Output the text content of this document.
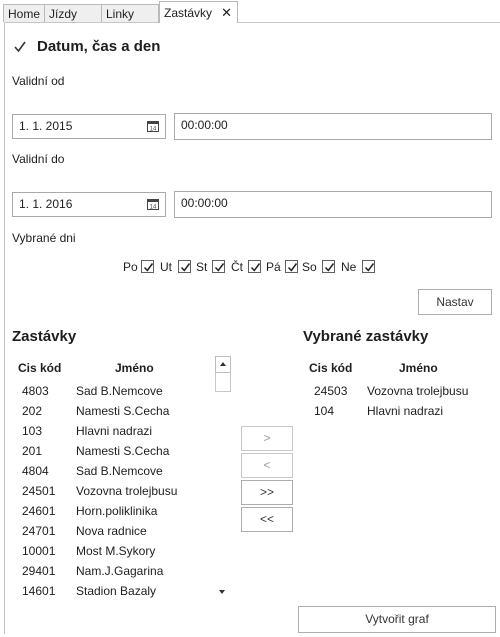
Home Jízdy	Linky	Zastávky ✕
Datum, čas a den
Validní od
1. 1. 2015	14	00:00:00
Validní do
1. 1. 2016	14	00:00:00
Vybrané dni
Po Ut St Čt Pá So Ne
Nastav
Zastávky
Cis kód	Jméno
4803 Sad B.Nemcove
202	Namesti S.Cecha
103	Hlavni nadrazi
201	Namesti S.Cecha
4804 Sad B.Nemcove
24501 Vozovna trolejbusu
24601 Horn.poliklinika
24701 Nova radnice
10001 Most M.Sykory
29401 Nam.J.Gagarina
14601 Stadion Bazaly
>
<
>>
<<
Vybrané zastávky
Cis kód	Jméno
24503 Vozovna trolejbusu
104	Hlavni nadrazi
Vytvořit graf
